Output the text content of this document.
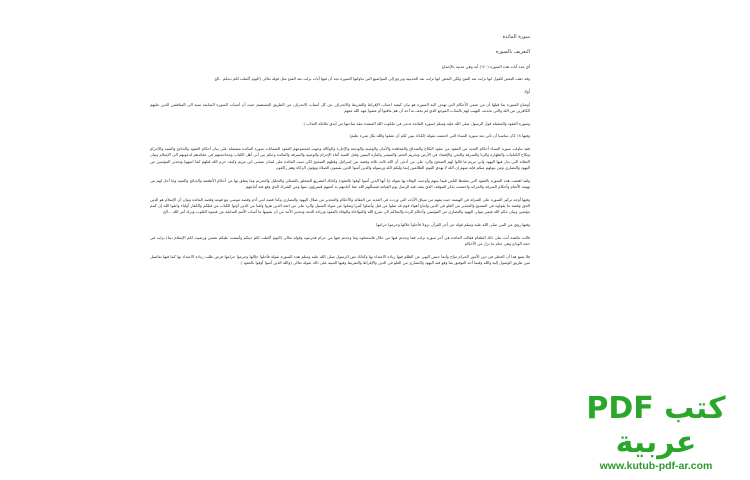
سورة المائدة

التعريف بالسورة

آي عدد آيات هذه السورة (١٢٠) آية وهي مدنية بالإجماع

وقد ذهب البعض للقول انها نزلت بعد الفتح ولكن البعض انها نزلت بعد الحديبية ويرجع إلى المواضيع التي تناولتها السورة نجد أن فيها آيات نزلت بعد الفتح مثل قوله تعالى (اليوم أكملت لكم دينكم ..الخ

أولا

أوضاع السورة بما قبلها أن من ضمن الأحكام التي تهدف اليه السورة هو بيان كيفية اجتناب الإفراط والتفريط والانحراف عن كل أسباب الانحراف عن الطريق المستقيم حيث أن أسباب السورة السابقة تنبيه الى المنافقين الذين عليهم الكافرين من الله والتي تحدثت النهيب لهم بالعذاب الموجع الذي لم يخف به أحد أن هم عاقبوا أو عصوا عهد الله معهم

وسورة العقود والمتقبلة قول الرسول صلى الله عليه وسلم (سورة المائدة تدعى في ملكوت الله المنقذة تنقذ صاحبها من أيدي ملائكة العذاب )

وفيها ١٨ كان مناسبا أن تأتي بعد سورة النساء التي اختتمت بقوله (لكذك يبين لكم أن تضلوا والله بكل شيء عليم)

فقد تناولت سورة النساء أحكام العديد من العقود من عقود النكاح والصداق والمعاهدة والأمان والوصية والوديعة والإجارة والوكالة وجهت لمجموعهم العقود الضمانات سورة المائدة مشتملة على بيان أحكام العقود والذبائح والصيد والإحرام ونكاح الكتابيات والطهارة والزنا والسرقة والبغي والإفساد في الأرض وتحريم الخمر والميسر وكفارة اليمين وقتل الصيد أثناء الإحرام والوصية والسرقة والمائدة وحكم من أتى أهل الكتاب ومحاججتهم في عقائدهم لدعوتهم الى الإسلام وبيان العقائد التي بدل فيها اليهود وابن مريم ما قالوا لهم الصحيح والرد على من أدعى أن الله ثالث ثلاثة وقصة بني إسرائيل وقتلهم الصحيح لكي تنبت المائدة على لسان عيسى ابن مريم وكيف حرم الله قتلهم كما انتبهوا وتحذير المؤمنين من اليهود والنصارى ومن يتولهم منكم فإنه منهم إن الله لا يهدي القوم الظالمين إنما وليكم الله ورسوله والذين آمنوا الذين يقيمون الصلاة ويؤتون الزكاة وهم راكعون

ولقد اهتمت هذه السورة بالعقود التي يعقدها الناس فيما بينهم وأوجبت الوفاء بها بقوله (يا أيها الذين آمنوا أوفوا بالعقود) وكذلك التشريع المتعلق بالشعائر والتحليل والتحريم وما يتعلق بها من أحكام الأطعمة والذبائح والصيد وما أحل لهم من بهيمة الأنعام وأحكام السرقة والحرابة واختتمت بذكر الموقف الذي يقف فيه الرسل يوم القيامة فيسألهم الله عما أجابتهم به أممهم فيتبرؤون منها ومن الشرك الذي وقع فيه أتباعهم

وفيها أوجه تركيز السورة على المنزلة في الهيمنة حيث يفهم من سياق الآيات التي وردت في العديد من العقائد والأحكام والتحذير من ضلال اليهود والنصارى وكذا قصة ابني آدم وقصة موسى مع قومه وقصة المائدة وبيان أن الإسلام هو الدين الحق وقصة ما يقولوه في المسيح والتحذير من الغلو في الدين واتباع أهواء قوم قد ضلوا من قبل وأضلوا كثيرا وضلوا عن سواء السبيل والرد على من اتخذ الدين هزوا ولعبا من الذين أوتوا الكتاب من قبلكم والكفار أولياء واتقوا الله إن كنتم مؤمنين وبيان حكم الله فيمن يتولى اليهود والنصارى من المؤمنين وأحكام الردة والتحاكم الى شرع الله والمؤاخاة والوفاء بالعقود وبراءة الذمة وتحذير الأمة من أن يصيبها ما أصاب الأمم السابقة من قسوة القلوب وترك أمر الله ...الخ

وفيها روي عن النبي صلى الله عليه وسلم قوله عن آخر القرآن نزولا فأحلوا حلالها وحرموا حرامها

قالت عائشة أنت على ذلك الطعام فقالت المائدة هي آخر سورة نزلت فما وجدتم فيها من حلال فاستحلوه وما وجدتم فيها من حرام فحرموه وقوله تعالى (اليوم أكملت لكم دينكم وأتممت عليكم نعمتي ورضيت لكم الإسلام دينا) نزلت في حجة الوداع وهي ختام ما نزل من الأحكام

فلا يمنع هذا أن الخطر في دين الأمور الحرام مباح وأنما جنس النهي عن الظلم فيها زيادة الاعتداء بها وكذلك نص الرسول صلى الله عليه وسلم هذه السورة بقوله فأحلوا حلالها وحرموا حرامها فرض طلب زيادة الاعتداد بها كما فيها تفاصيل تبين طريق الوصول إليه والله وفيما أحد التوفيق بما وقع فيه اليهود والنصارى من الغلو في الدين والإفراط والتفريط وفيها التنبيه على ذلك بقوله تعالى (والله الذين آمنوا أوفوا بالعقود )

كتب PDF عربية
www.kutub-pdf-ar.com
